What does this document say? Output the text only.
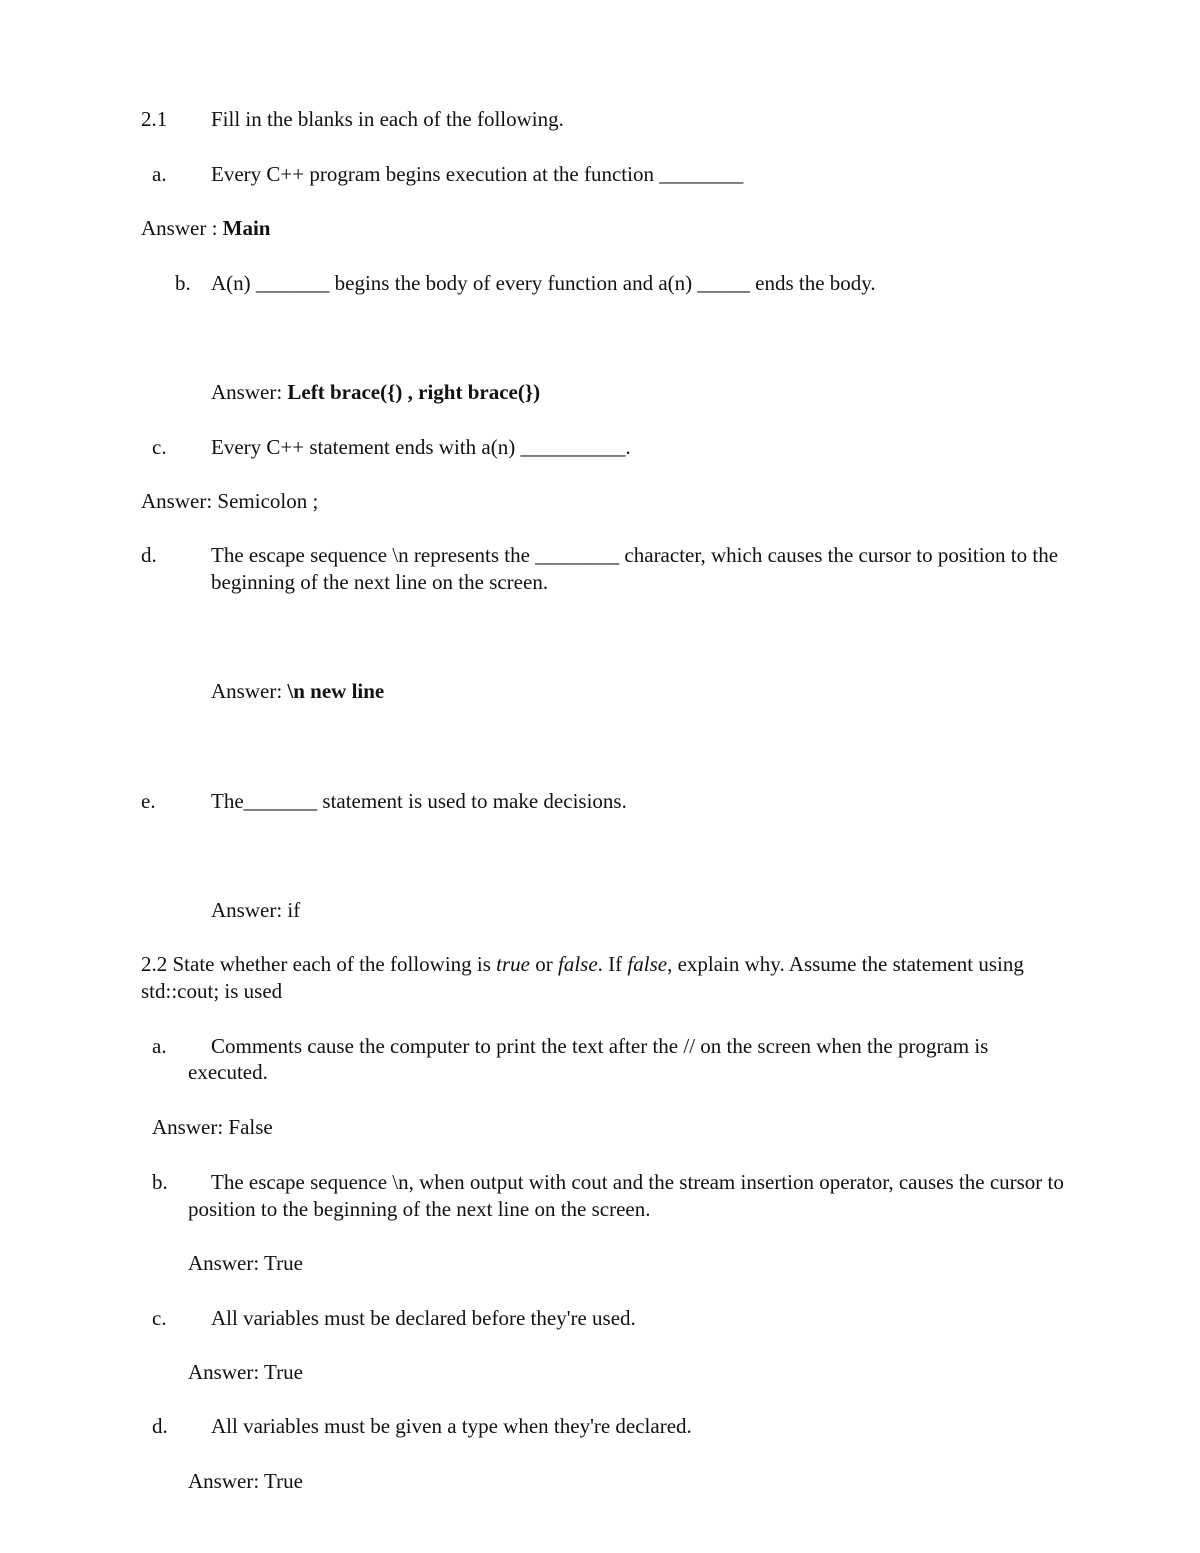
2.1 Fill in the blanks in each of the following.
a. Every C++ program begins execution at the function ________
Answer : Main
b. A(n) _______ begins the body of every function and a(n) _____ ends the body.
Answer: Left brace({) , right brace(})
c. Every C++ statement ends with a(n) __________.
Answer: Semicolon ;
d.	The escape sequence \n represents the ________ character, which causes the cursor to position to the
beginning of the next line on the screen.
Answer: \n new line
e.	The_______ statement is used to make decisions.
Answer: if
2.2 State whether each of the following is true or false. If false, explain why. Assume the statement using
std::cout; is used
a. Comments cause the computer to print the text after the // on the screen when the program is
executed.
Answer: False
b. The escape sequence \n, when output with cout and the stream insertion operator, causes the cursor to
position to the beginning of the next line on the screen.
Answer: True
c. All variables must be declared before they're used.
Answer: True
d. All variables must be given a type when they're declared.
Answer: True
